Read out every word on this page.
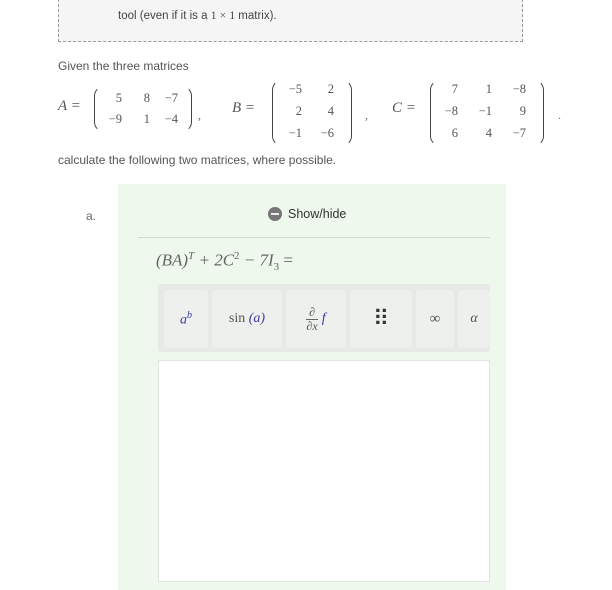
tool (even if it is a 1 × 1 matrix).
Given the three matrices
A =	5	8	−7
−9	1	−4 , B =
−5	2
2	4
−1	−6
, C =
7	1	−8
−8	−1	9
6	4	−7
.
calculate the following two matrices, where possible.
a.	Show/hide
$(BA)^T + 2C^2 - 7I_3$ =
$a^b$	sin
(a)	∂
∂x f ⠿	∞ α
